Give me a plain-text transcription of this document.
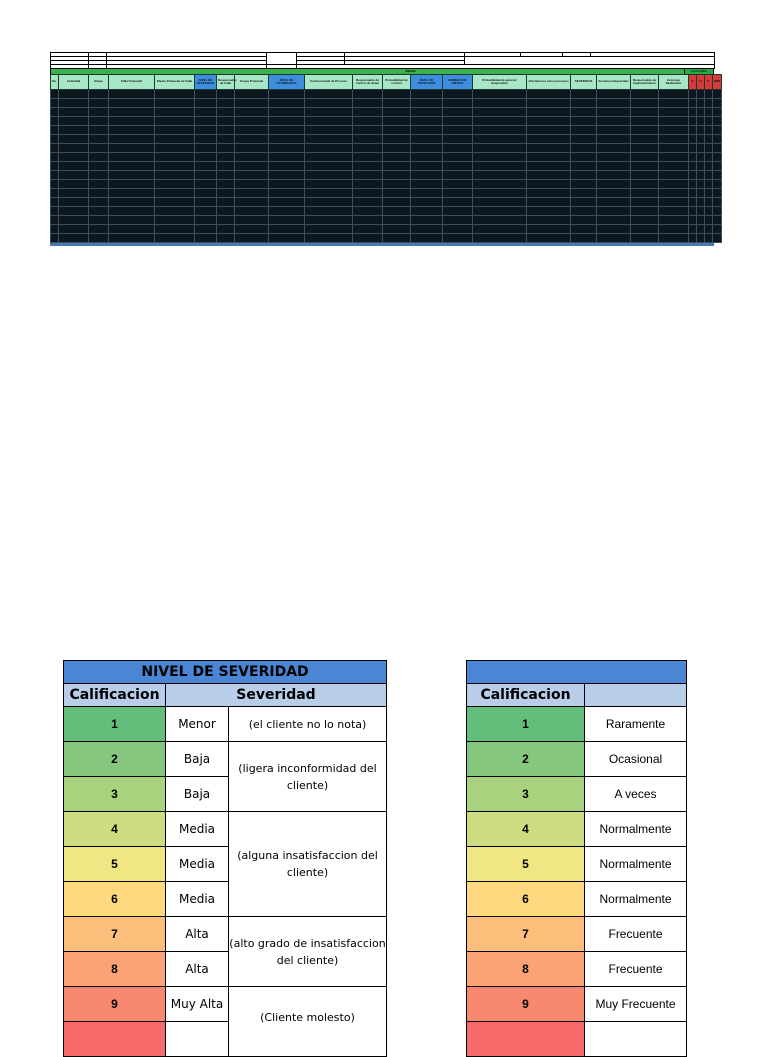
INICIAL	ACCIONES
No.	Actividad	Etapa	Falla Potencial	Efecto Potencial de Falla	NIVEL DE SEVERIDAD	Responsable de Falla	Causa Potencial	NIVEL DE OCURRENCIA	Control actual de Proceso	Responsable de control de detec	Probabilidad de control	NIVEL DE DETECCION	NUMERO DE RIESGO	Probabilidad de generar desperdicio	Afectacion a otros procesos	SEVERIDAD	Acciones Requeridas	Responsable de Implementacion	Acciones Realizadas	S	O	D	NPR

NIVEL DE SEVERIDAD		
Calificacion	Severidad	
1	Menor	(el cliente no lo nota)
2	Baja	(ligera inconformidad del cliente)
3	Baja	
4	Media	(alguna insatisfaccion del cliente)
5	Media	
6	Media	
7	Alta	(alto grado de insatisfaccion del cliente)
8	Alta	
9	Muy Alta	(Cliente molesto)

Calificacion	
1	Raramente
2	Ocasional
3	A veces
4	Normalmente
5	Normalmente
6	Normalmente
7	Frecuente
8	Frecuente
9	Muy Frecuente
